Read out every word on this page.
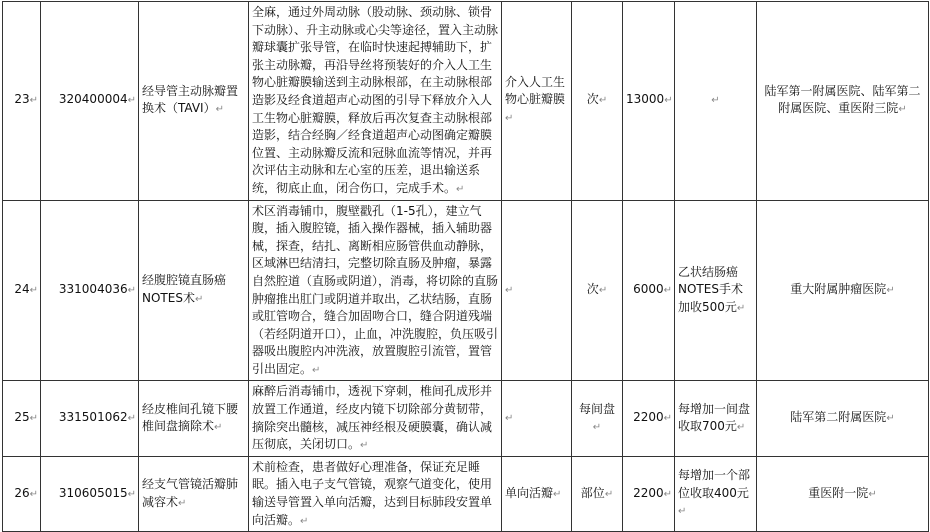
23↵	320400004↵	经导管主动脉瓣置换术（TAVI）↵	全麻，通过外周动脉（股动脉、颈动脉、锁骨下动脉）、升主动脉或心尖等途径，置入主动脉瓣球囊扩张导管，在临时快速起搏辅助下，扩张主动脉瓣，再沿导丝将预装好的介入人工生物心脏瓣膜输送到主动脉根部，在主动脉根部造影及经食道超声心动图的引导下释放介入人工生物心脏瓣膜，释放后再次复查主动脉根部造影，结合经胸／经食道超声心动图确定瓣膜位置、主动脉瓣反流和冠脉血流等情况，并再次评估主动脉和左心室的压差，退出输送系统，彻底止血，闭合伤口，完成手术。↵	介入人工生物心脏瓣膜↵	次↵	13000↵	↵	陆军第一附属医院、陆军第二附属医院、重医附三院↵
24↵	331004036↵	经腹腔镜直肠癌NOTES术↵	术区消毒铺巾，腹壁戳孔（1-5孔），建立气腹，插入腹腔镜，插入操作器械，插入辅助器械，探查，结扎、离断相应肠管供血动静脉，区域淋巴结清扫，完整切除直肠及肿瘤，暴露自然腔道（直肠或阴道），消毒，将切除的直肠肿瘤推出肛门或阴道并取出，乙状结肠，直肠或肛管吻合，缝合加固吻合口，缝合阴道残端（若经阴道开口），止血，冲洗腹腔，负压吸引器吸出腹腔内冲洗液，放置腹腔引流管，置管引出固定。↵	↵	次↵	6000↵	乙状结肠癌NOTES手术加收500元↵	重大附属肿瘤医院↵
25↵	331501062↵	经皮椎间孔镜下腰椎间盘摘除术↵	麻醉后消毒铺巾，透视下穿刺，椎间孔成形并放置工作通道，经皮内镜下切除部分黄韧带，摘除突出髓核，减压神经根及硬膜囊，确认减压彻底，关闭切口。↵	↵	每间盘↵	2200↵	每增加一间盘收取700元↵	陆军第二附属医院↵
26↵	310605015↵	经支气管镜活瓣肺减容术↵	术前检查，患者做好心理准备，保证充足睡眠。插入电子支气管镜，观察气道变化，使用输送导管置入单向活瓣，达到目标肺段安置单向活瓣。↵	单向活瓣↵	部位↵	2200↵	每增加一个部位收取400元↵	重医附一院↵
